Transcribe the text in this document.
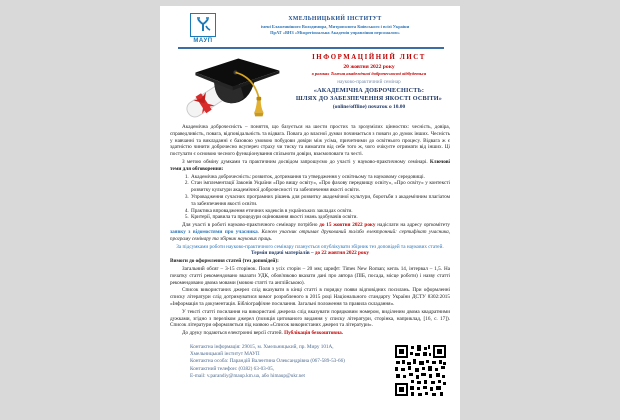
МАУП
ХМЕЛЬНИЦЬКИЙ ІНСТИТУТ
імені Блаженнішого Володимира, Митрополита Київського і всієї України
ПрАТ «ВНЗ «Міжрегіональна Академія управління персоналом»
ІНФОРМАЦІЙНИЙ ЛИСТ
20 жовтня 2022 року
в рамках Тижня академічної доброчесності відбудеться
науково-практичний семінар
«АКАДЕМІЧНА ДОБРОЧЕСНІСТЬ:
ШЛЯХ ДО ЗАБЕЗПЕЧЕННЯ ЯКОСТІ ОСВІТИ»
(online/offline) початок о 10.00

Академічна доброчесність – поняття, що базується на шести простих та зрозумілих цінностях: чесність, довіра, справедливість, повага, відповідальність та відвага. Повага до власної думки починається з поваги до думок інших. Чесність у навчанні та викладанні є базовою умовою побудови довіри між усіма, причетними до освітнього процесу. Відвага ж є здатністю чинити доброчесно всупереч страху чи тиску та вимагати від себе того ж, чого очікуєте отримати від інших. Ці постулати є основою чесного функціонування спільноти довіри, взаємоповаги та честі.

З метою обміну думками та практичним досвідом запрошуємо до участі у науково-практичному семінарі. Ключові теми для обговорення:

1. Академічна доброчесність: розвиток, дотримання та утвердження у освітньому та науковому середовищі.
2. Стан імплементації Законів України «Про вищу освіту», «Про фахову передвищу освіту», «Про освіту» у контексті розвитку культури академічної доброчесності та забезпечення якості освіти.
3. Упровадження сучасних програмних рішень для розвитку академічної культури, боротьби з академічним плагіатом та забезпечення якості освіти.
4. Практика впровадження етичних кодексів в українських закладах освіти.
5. Критерії, правила та процедури оцінювання якості знань здобувачів освіти.

Для участі в роботі науково-практичного семінару потрібно до 15 жовтня 2022 року надіслати на адресу оргкомітету заявку з відомостями про учасника. Кожен учасник отримає друкований та/або електронний: сертифікат учасника, програму семінару та збірник наукових праць.

За підсумками роботи науково-практичного семінару планується опублікувати збірник тез доповідей та наукових статей. Термін подачі матеріалів – до 22 жовтня 2022 року

Вимоги до оформлення статей (тез доповідей):

Загальний обсяг – 3-15 сторінок. Поля з усіх сторін – 20 мм; шрифт: Times New Roman; кегль 14, інтервал – 1,5. На початку статті рекомендовано вказати УДК, обов'язково вказати дані про автора (ПІБ, посада, місце роботи) і назву статті рекомендовано двома мовами (мовою статті та англійською).

Список використаних джерел слід вказувати в кінці статті в порядку появи відповідних посилань. При оформленні списку літератури слід дотримуватися вимог розробленого в 2015 році Національного стандарту України ДСТУ 8302:2015 «Інформація та документація. Бібліографічне посилання. Загальні положення та правила складання».

У тексті статті посилання на використані джерела слід вказувати порядковим номером, виділеним двома квадратними дужками, згідно з переліком джерел (позиція цитованого видання у списку літератури, сторінка, наприклад, [16, с. 17]). Список літератури оформляється під назвою «Список використаних джерел та літератури».

До друку подаються електронні версії статей. Публікація безкоштовна.

Контактна інформація: 29015, м. Хмельницький, пр. Миру 101А,
Хмельницький інститут МАУП
Контактна особа: Парандій Валентина Олександрівна (067-589-53-66)
Контактний телефон: (0382) 63-03-05,
E-mail: v.parandiy@maup.km.ua, або himaup@ukr.net
